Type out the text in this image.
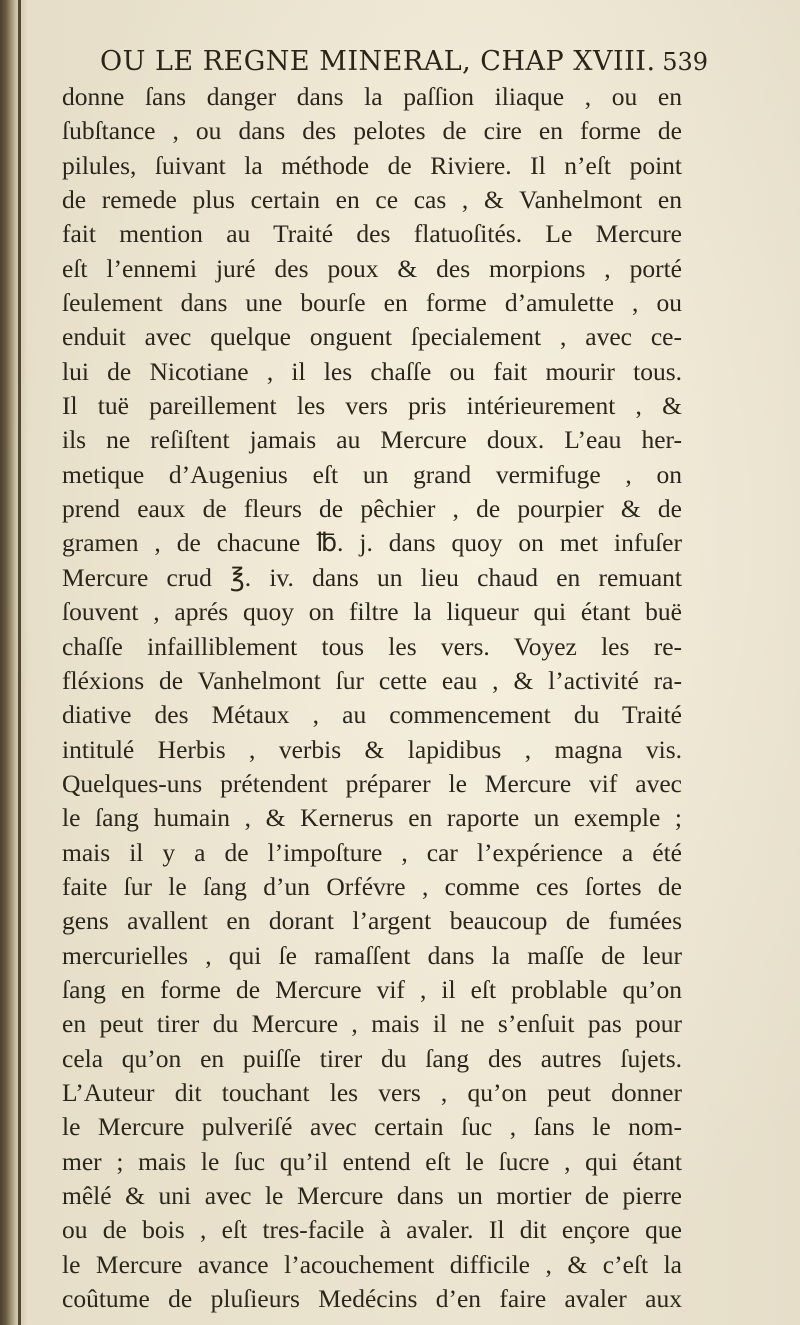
OU LE REGNE MINERAL, CHAP XVIII. 539
donne ſans danger dans la paſſion iliaque , ou en
ſubſtance , ou dans des pelotes de cire en forme de
pilules, ſuivant la méthode de Riviere. Il n’eſt point
de remede plus certain en ce cas , & Vanhelmont en
fait mention au Traité des flatuoſités. Le Mercure
eſt l’ennemi juré des poux & des morpions , porté
ſeulement dans une bourſe en forme d’amulette , ou
enduit avec quelque onguent ſpecialement , avec ce-
lui de Nicotiane , il les chaſſe ou fait mourir tous.
Il tuë pareillement les vers pris intérieurement , &
ils ne reſiſtent jamais au Mercure doux. L’eau her-
metique d’Augenius eſt un grand vermifuge , on
prend eaux de fleurs de pêchier , de pourpier & de
gramen , de chacune ℔. j. dans quoy on met infuſer
Mercure crud ℥. iv. dans un lieu chaud en remuant
ſouvent , aprés quoy on filtre la liqueur qui étant buë
chaſſe infailliblement tous les vers. Voyez les re-
fléxions de Vanhelmont ſur cette eau , & l’activité ra-
diative des Métaux , au commencement du Traité
intitulé Herbis , verbis & lapidibus , magna vis.
Quelques-uns prétendent préparer le Mercure vif avec
le ſang humain , & Kernerus en raporte un exemple ;
mais il y a de l’impoſture , car l’expérience a été
faite ſur le ſang d’un Orfévre , comme ces ſortes de
gens avallent en dorant l’argent beaucoup de fumées
mercurielles , qui ſe ramaſſent dans la maſſe de leur
ſang en forme de Mercure vif , il eſt problable qu’on
en peut tirer du Mercure , mais il ne s’enſuit pas pour
cela qu’on en puiſſe tirer du ſang des autres ſujets.
L’Auteur dit touchant les vers , qu’on peut donner
le Mercure pulveriſé avec certain ſuc , ſans le nom-
mer ; mais le ſuc qu’il entend eſt le ſucre , qui étant
mêlé & uni avec le Mercure dans un mortier de pierre
ou de bois , eſt tres-facile à avaler. Il dit ençore que
le Mercure avance l’acouchement difficile , & c’eſt la
coûtume de pluſieurs Medécins d’en faire avaler aux
